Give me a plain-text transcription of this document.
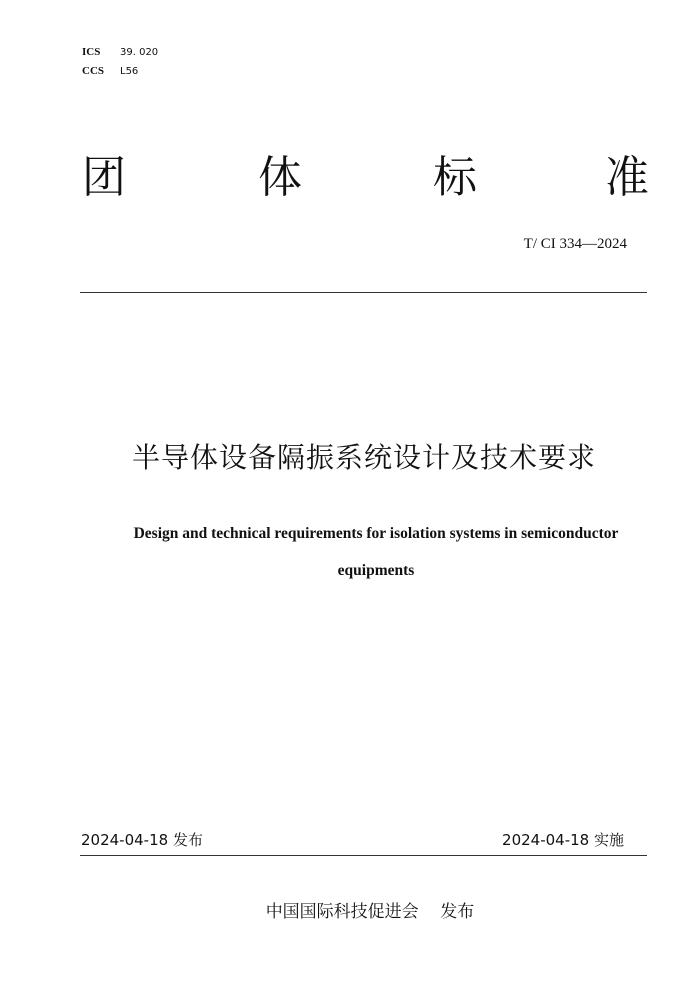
ICS 39. 020
CCS L56
团	体	标	准
T/ CI 334—2024
半导体设备隔振系统设计及技术要求
Design and technical requirements for isolation systems in semiconductor equipments
2024-04-18 发布	2024-04-18 实施
中国国际科技促进会    发布
